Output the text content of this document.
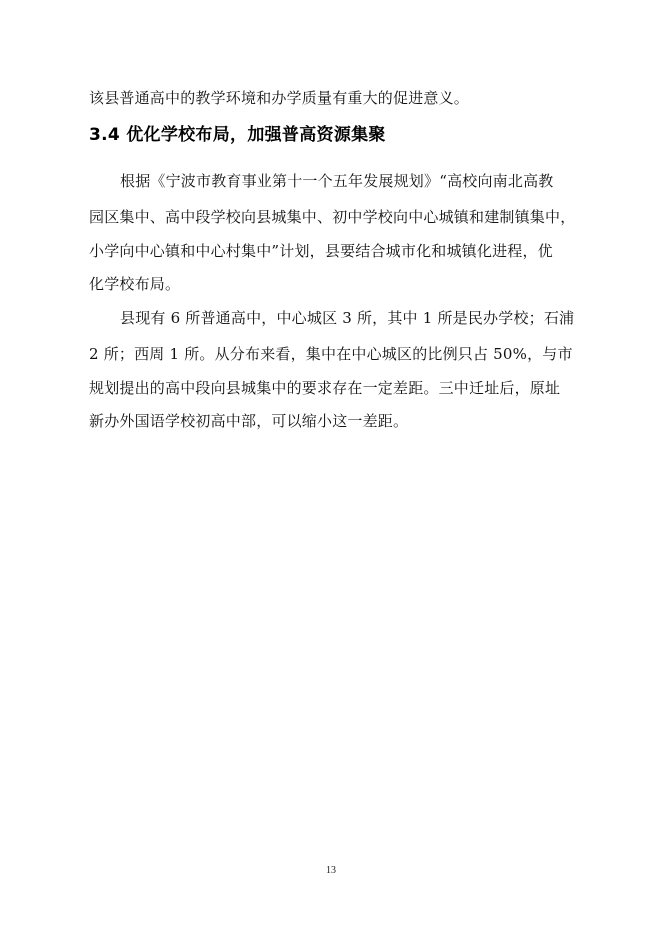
该县普通高中的教学环境和办学质量有重大的促进意义。
3.4 优化学校布局，加强普高资源集聚
根据《宁波市教育事业第十一个五年发展规划》“高校向南北高教
园区集中、高中段学校向县城集中、初中学校向中心城镇和建制镇集中，
小学向中心镇和中心村集中”计划，县要结合城市化和城镇化进程，优
化学校布局。
县现有 6 所普通高中，中心城区 3 所，其中 1 所是民办学校；石浦
2 所；西周 1 所。从分布来看，集中在中心城区的比例只占 50%，与市
规划提出的高中段向县城集中的要求存在一定差距。三中迁址后，原址
新办外国语学校初高中部，可以缩小这一差距。
13
